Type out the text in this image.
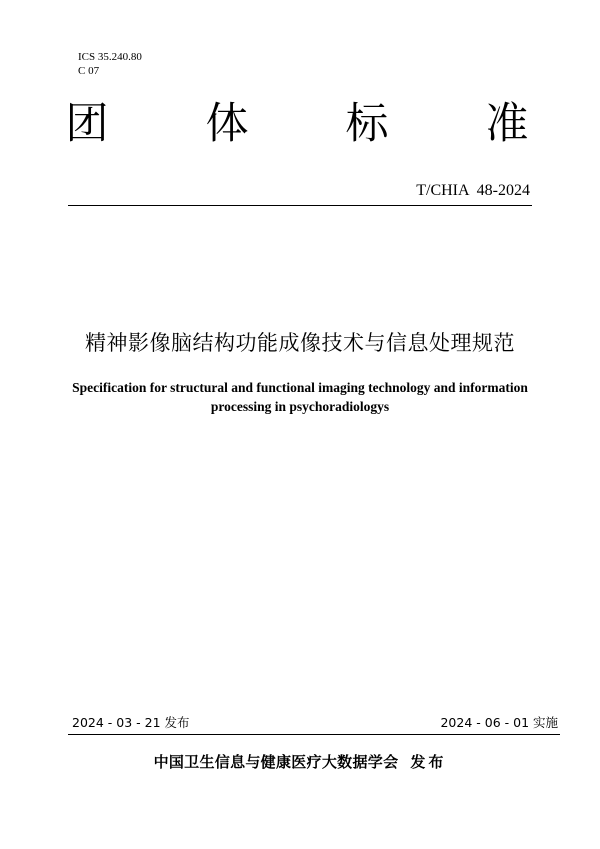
ICS 35.240.80
C 07
团 体 标 准
T/CHIA  48-2024
精神影像脑结构功能成像技术与信息处理规范
Specification for structural and functional imaging technology and information
processing in psychoradiologys
2024 - 03 - 21 发布	2024 - 06 - 01 实施
中国卫生信息与健康医疗大数据学会 发布
